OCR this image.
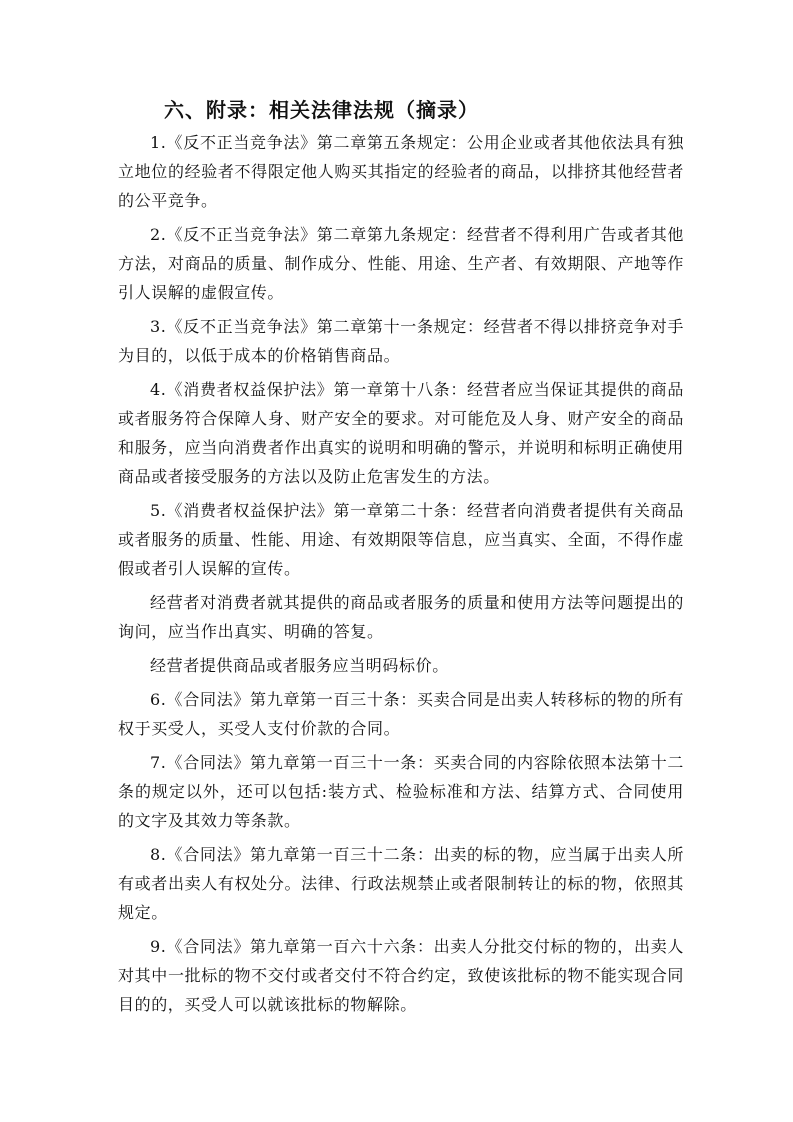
六、附录：相关法律法规（摘录）

1.《反不正当竞争法》第二章第五条规定：公用企业或者其他依法具有独立地位的经验者不得限定他人购买其指定的经验者的商品，以排挤其他经营者的公平竞争。

2.《反不正当竞争法》第二章第九条规定：经营者不得利用广告或者其他方法，对商品的质量、制作成分、性能、用途、生产者、有效期限、产地等作引人误解的虚假宣传。

3.《反不正当竞争法》第二章第十一条规定：经营者不得以排挤竞争对手为目的，以低于成本的价格销售商品。

4.《消费者权益保护法》第一章第十八条：经营者应当保证其提供的商品或者服务符合保障人身、财产安全的要求。对可能危及人身、财产安全的商品和服务，应当向消费者作出真实的说明和明确的警示，并说明和标明正确使用商品或者接受服务的方法以及防止危害发生的方法。

5.《消费者权益保护法》第一章第二十条：经营者向消费者提供有关商品或者服务的质量、性能、用途、有效期限等信息，应当真实、全面，不得作虚假或者引人误解的宣传。

经营者对消费者就其提供的商品或者服务的质量和使用方法等问题提出的询问，应当作出真实、明确的答复。

经营者提供商品或者服务应当明码标价。

6.《合同法》第九章第一百三十条：买卖合同是出卖人转移标的物的所有权于买受人，买受人支付价款的合同。

7.《合同法》第九章第一百三十一条：买卖合同的内容除依照本法第十二条的规定以外，还可以包括:装方式、检验标准和方法、结算方式、合同使用的文字及其效力等条款。

8.《合同法》第九章第一百三十二条：出卖的标的物，应当属于出卖人所有或者出卖人有权处分。法律、行政法规禁止或者限制转让的标的物，依照其规定。

9.《合同法》第九章第一百六十六条：出卖人分批交付标的物的，出卖人对其中一批标的物不交付或者交付不符合约定，致使该批标的物不能实现合同目的的，买受人可以就该批标的物解除。
